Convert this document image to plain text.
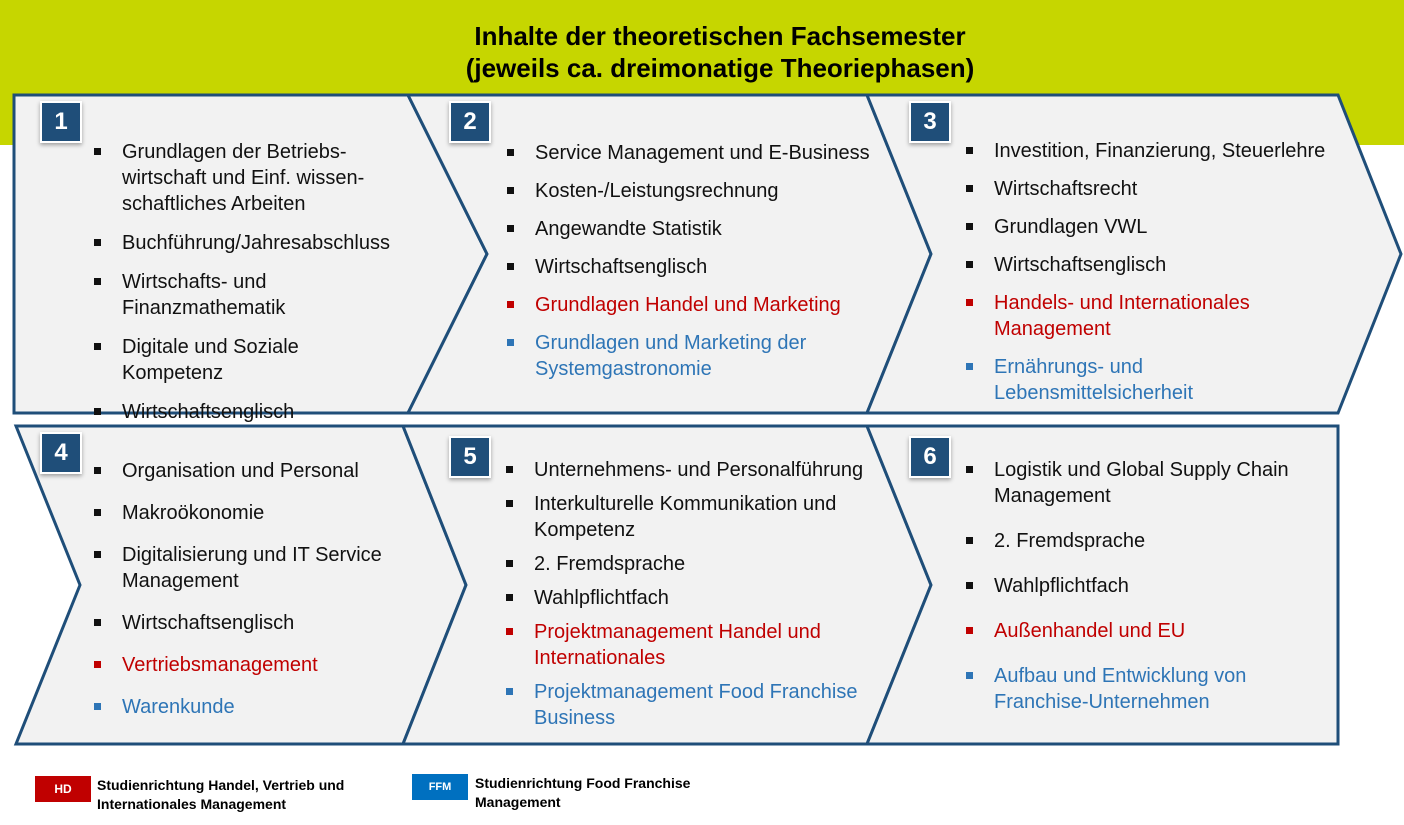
Inhalte der theoretischen Fachsemester
(jeweils ca. dreimonatige Theoriephasen)
1	2	3
4	5	6
Grundlagen der Betriebs-wirtschaft und Einf. wissen-schaftliches Arbeiten
Buchführung/Jahresabschluss
Wirtschafts- und Finanzmathematik
Digitale und Soziale Kompetenz
Wirtschaftsenglisch
Service Management und E-Business
Kosten-/Leistungsrechnung
Angewandte Statistik
Wirtschaftsenglisch
Grundlagen Handel und Marketing
Grundlagen und Marketing der Systemgastronomie
Investition, Finanzierung, Steuerlehre
Wirtschaftsrecht
Grundlagen VWL
Wirtschaftsenglisch
Handels- und Internationales Management
Ernährungs- und Lebensmittelsicherheit
Organisation und Personal
Makroökonomie
Digitalisierung und IT Service Management
Wirtschaftsenglisch
Vertriebsmanagement
Warenkunde
Unternehmens- und Personalführung
Interkulturelle Kommunikation und Kompetenz
2. Fremdsprache
Wahlpflichtfach
Projektmanagement Handel und Internationales
Projektmanagement Food Franchise Business
Logistik und Global Supply Chain Management
2. Fremdsprache
Wahlpflichtfach
Außenhandel und EU
Aufbau und Entwicklung von Franchise-Unternehmen
HD	Studienrichtung Handel, Vertrieb und
Internationales Management
FFM	Studienrichtung Food Franchise
Management
